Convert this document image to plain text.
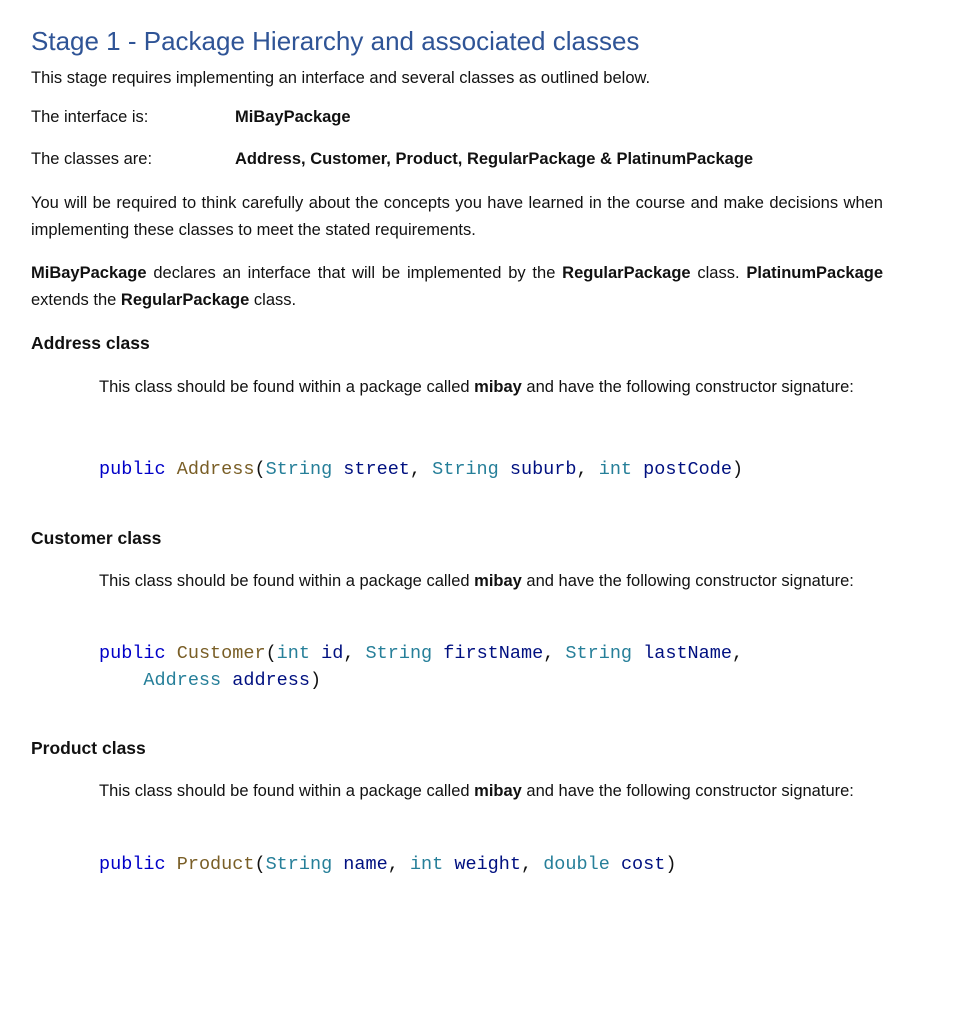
Stage 1 - Package Hierarchy and associated classes
This stage requires implementing an interface and several classes as outlined below.
The interface is:	MiBayPackage
The classes are:	Address, Customer, Product, RegularPackage & PlatinumPackage
You will be required to think carefully about the concepts you have learned in the course and make decisions when implementing these classes to meet the stated requirements.
MiBayPackage declares an interface that will be implemented by the RegularPackage class. PlatinumPackage extends the RegularPackage class.
Address class
This class should be found within a package called mibay and have the following constructor signature:
public Address(String street, String suburb, int postCode)
Customer class
This class should be found within a package called mibay and have the following constructor signature:
public Customer(int id, String firstName, String lastName,
Address address)
Product class
This class should be found within a package called mibay and have the following constructor signature:
public Product(String name, int weight, double cost)
